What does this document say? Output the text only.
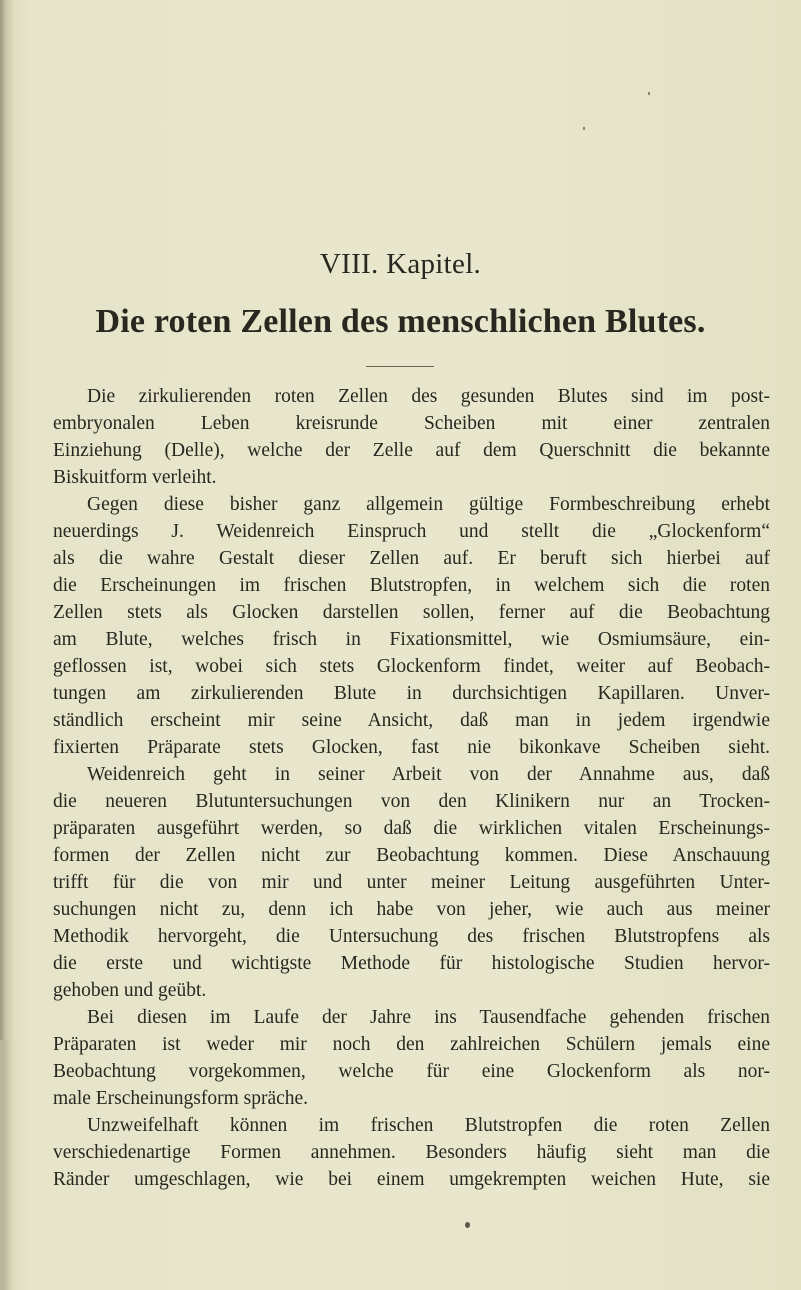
VIII. Kapitel.
Die roten Zellen des menschlichen Blutes.
Die zirkulierenden roten Zellen des gesunden Blutes sind im post-
embryonalen Leben kreisrunde Scheiben mit einer zentralen
Einziehung (Delle), welche der Zelle auf dem Querschnitt die bekannte
Biskuitform verleiht.
Gegen diese bisher ganz allgemein gültige Formbeschreibung erhebt
neuerdings J. Weidenreich Einspruch und stellt die „Glockenform“
als die wahre Gestalt dieser Zellen auf. Er beruft sich hierbei auf
die Erscheinungen im frischen Blutstropfen, in welchem sich die roten
Zellen stets als Glocken darstellen sollen, ferner auf die Beobachtung
am Blute, welches frisch in Fixationsmittel, wie Osmiumsäure, ein-
geflossen ist, wobei sich stets Glockenform findet, weiter auf Beobach-
tungen am zirkulierenden Blute in durchsichtigen Kapillaren. Unver-
ständlich erscheint mir seine Ansicht, daß man in jedem irgendwie
fixierten Präparate stets Glocken, fast nie bikonkave Scheiben sieht.
Weidenreich geht in seiner Arbeit von der Annahme aus, daß
die neueren Blutuntersuchungen von den Klinikern nur an Trocken-
präparaten ausgeführt werden, so daß die wirklichen vitalen Erscheinungs-
formen der Zellen nicht zur Beobachtung kommen. Diese Anschauung
trifft für die von mir und unter meiner Leitung ausgeführten Unter-
suchungen nicht zu, denn ich habe von jeher, wie auch aus meiner
Methodik hervorgeht, die Untersuchung des frischen Blutstropfens als
die erste und wichtigste Methode für histologische Studien hervor-
gehoben und geübt.
Bei diesen im Laufe der Jahre ins Tausendfache gehenden frischen
Präparaten ist weder mir noch den zahlreichen Schülern jemals eine
Beobachtung vorgekommen, welche für eine Glockenform als nor-
male Erscheinungsform spräche.
Unzweifelhaft können im frischen Blutstropfen die roten Zellen
verschiedenartige Formen annehmen. Besonders häufig sieht man die
Ränder umgeschlagen, wie bei einem umgekrempten weichen Hute, sie
